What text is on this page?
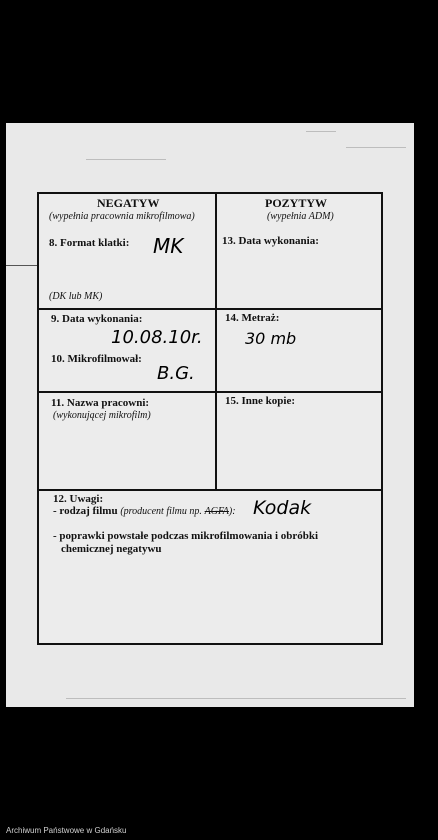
NEGATYW
(wypełnia pracownia mikrofilmowa)
POZYTYW
(wypełnia ADM)
8. Format klatki: MK
(DK lub MK)
13. Data wykonania:
9. Data wykonania:
10.08.10r.
10. Mikrofilmował:
B.G.
14. Metraż:
30 mb
11. Nazwa pracowni:
(wykonującej mikrofilm)
15. Inne kopie:
12. Uwagi:
- rodzaj filmu (producent filmu np. AGFA): Kodak
- poprawki powstałe podczas mikrofilmowania i obróbki
chemicznej negatywu
Archiwum Państwowe w Gdańsku
